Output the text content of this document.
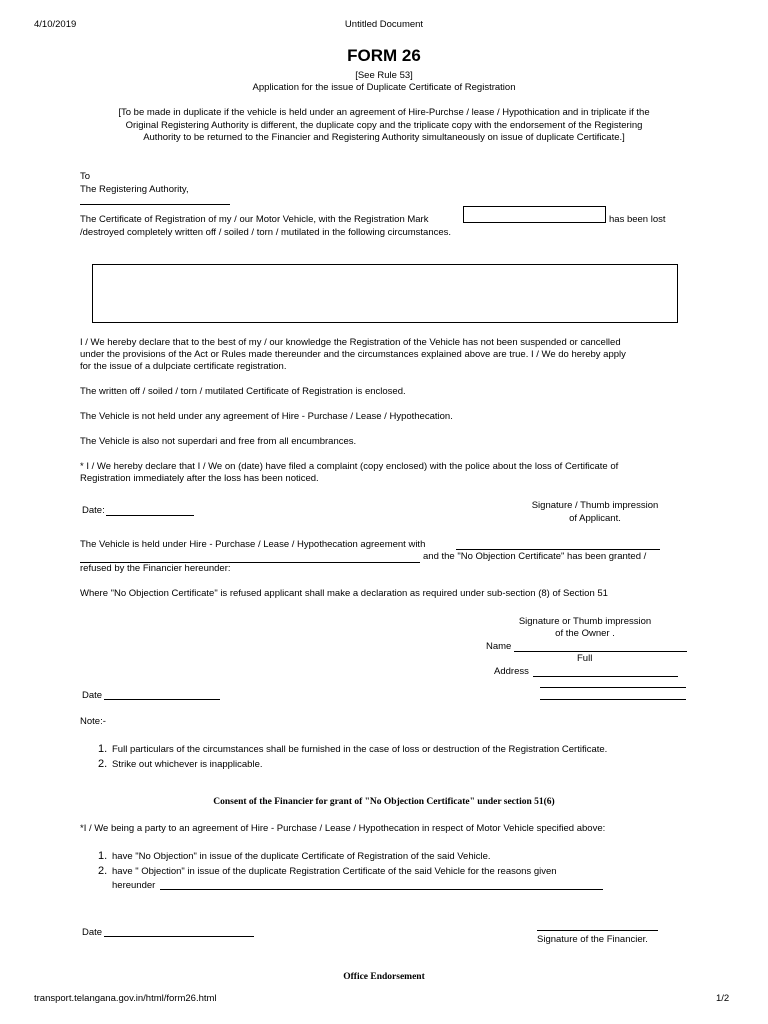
4/10/2019	Untitled Document
transport.telangana.gov.in/html/form26.html	1/2
FORM 26
[See Rule 53]
Application for the issue of Duplicate Certificate of Registration
[To be made in duplicate if the vehicle is held under an agreement of Hire-Purchse / lease / Hypothication and in triplicate if the
Original Registering Authority is different, the duplicate copy and the triplicate copy with the endorsement of the Registering
Authority to be returned to the Financier and Registering Authority simultaneously on issue of duplicate Certificate.]
To
The Registering Authority,
The Certificate of Registration of my / our Motor Vehicle, with the Registration Mark	has been lost
/destroyed completely written off / soiled / torn / mutilated in the following circumstances.
I / We hereby declare that to the best of my / our knowledge the Registration of the Vehicle has not been suspended or cancelled
under the provisions of the Act or Rules made thereunder and the circumstances explained above are true. I / We do hereby apply
for the issue of a dulpciate certificate registration.
The written off / soiled / torn / mutilated Certificate of Registration is enclosed.
The Vehicle is not held under any agreement of Hire - Purchase / Lease / Hypothecation.
The Vehicle is also not superdari and free from all encumbrances.
* I / We hereby declare that I / We on (date) have filed a complaint (copy enclosed) with the police about the loss of Certificate of
Registration immediately after the loss has been noticed.
Date:	Signature / Thumb impression
of Applicant.
The Vehicle is held under Hire - Purchase / Lease / Hypothecation agreement with
and the "No Objection Certificate" has been granted /
refused by the Financier hereunder:
Where "No Objection Certificate" is refused applicant shall make a declaration as required under sub-section (8) of Section 51
Signature or Thumb impression
of the Owner .
Name
Full
Address
Date
Note:-
1. Full particulars of the circumstances shall be furnished in the case of loss or destruction of the Registration Certificate.
2. Strike out whichever is inapplicable.
Consent of the Financier for grant of "No Objection Certificate" under section 51(6)
*I / We being a party to an agreement of Hire - Purchase / Lease / Hypothecation in respect of Motor Vehicle specified above:
1. have "No Objection" in issue of the duplicate Certificate of Registration of the said Vehicle.
2. have " Objection" in issue of the duplicate Registration Certificate of the said Vehicle for the reasons given
hereunder
Date
Signature of the Financier.
Office Endorsement
